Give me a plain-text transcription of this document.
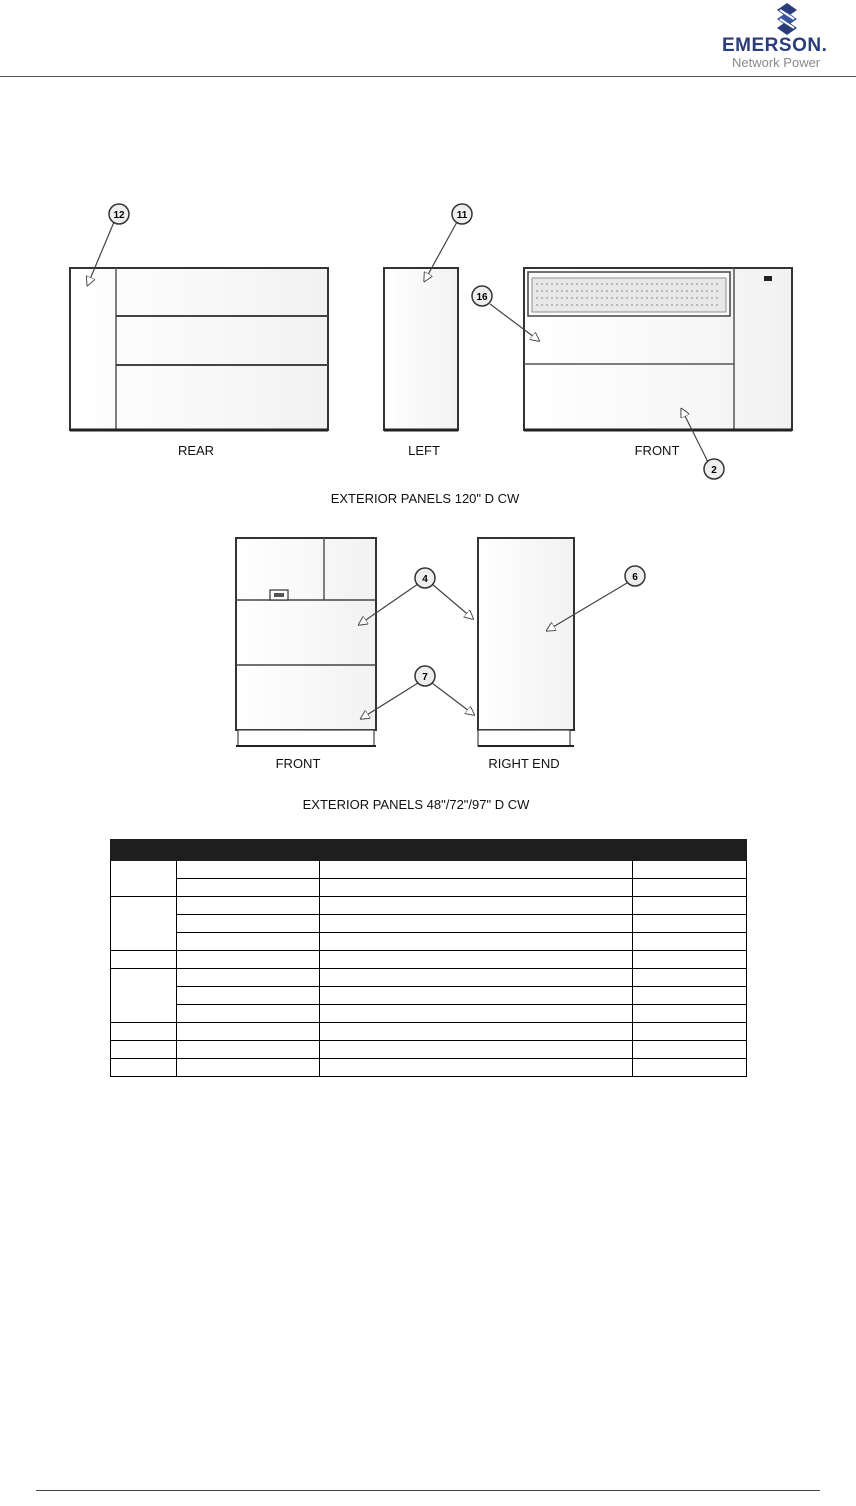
EMERSON.
Network Power
12	11
16
2
4	6
7
REAR	LEFT	FRONT
EXTERIOR PANELS 120" D CW
FRONT	RIGHT END
EXTERIOR PANELS 48"/72"/97" D CW
